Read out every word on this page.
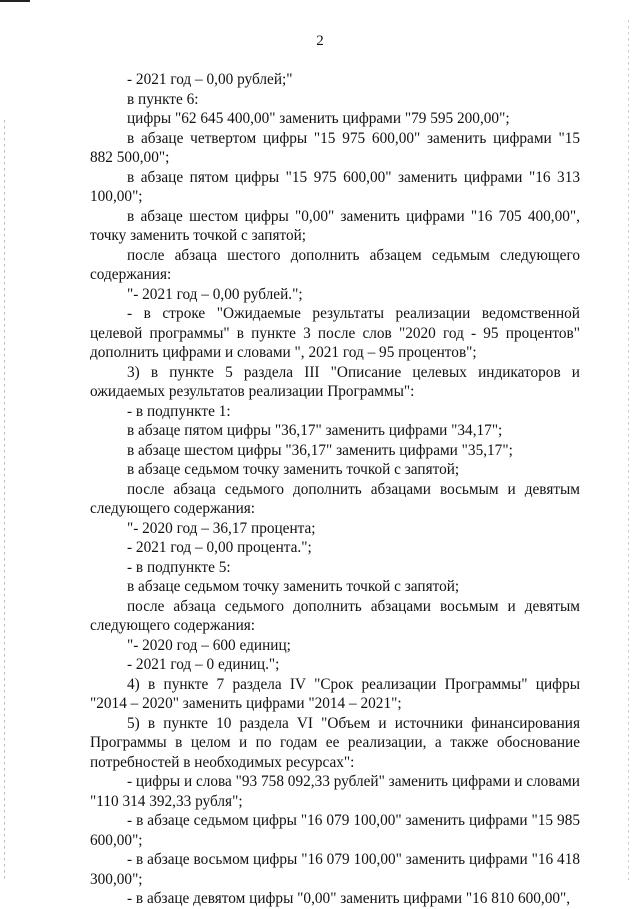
2

- 2021 год – 0,00 рублей;"

в пункте 6:

цифры "62 645 400,00" заменить цифрами "79 595 200,00";

в абзаце четвертом цифры "15 975 600,00" заменить цифрами "15 882 500,00";

в абзаце пятом цифры "15 975 600,00" заменить цифрами "16 313 100,00";

в абзаце шестом цифры "0,00" заменить цифрами "16 705 400,00", точку заменить точкой с запятой;

после абзаца шестого дополнить абзацем седьмым следующего содержания:

"- 2021 год – 0,00 рублей.";

- в строке "Ожидаемые результаты реализации ведомственной целевой программы" в пункте 3 после слов "2020 год - 95 процентов" дополнить цифрами и словами ", 2021 год – 95 процентов";

3) в пункте 5 раздела III "Описание целевых индикаторов и ожидаемых результатов реализации Программы":

- в подпункте 1:

в абзаце пятом цифры "36,17" заменить цифрами "34,17";

в абзаце шестом цифры "36,17" заменить цифрами "35,17";

в абзаце седьмом точку заменить точкой с запятой;

после абзаца седьмого дополнить абзацами восьмым и девятым следующего содержания:

"- 2020 год – 36,17 процента;

- 2021 год – 0,00 процента.";

- в подпункте 5:

в абзаце седьмом точку заменить точкой с запятой;

после абзаца седьмого дополнить абзацами восьмым и девятым следующего содержания:

"- 2020 год – 600 единиц;

- 2021 год – 0 единиц.";

4) в пункте 7 раздела IV "Срок реализации Программы" цифры "2014 – 2020" заменить цифрами "2014 – 2021";

5) в пункте 10 раздела VI "Объем и источники финансирования Программы в целом и по годам ее реализации, а также обоснование потребностей в необходимых ресурсах":

- цифры и слова "93 758 092,33 рублей" заменить цифрами и словами "110 314 392,33 рубля";

- в абзаце седьмом цифры "16 079 100,00" заменить цифрами "15 985 600,00";

- в абзаце восьмом цифры "16 079 100,00" заменить цифрами "16 418 300,00";

- в абзаце девятом цифры "0,00" заменить цифрами "16 810 600,00",
